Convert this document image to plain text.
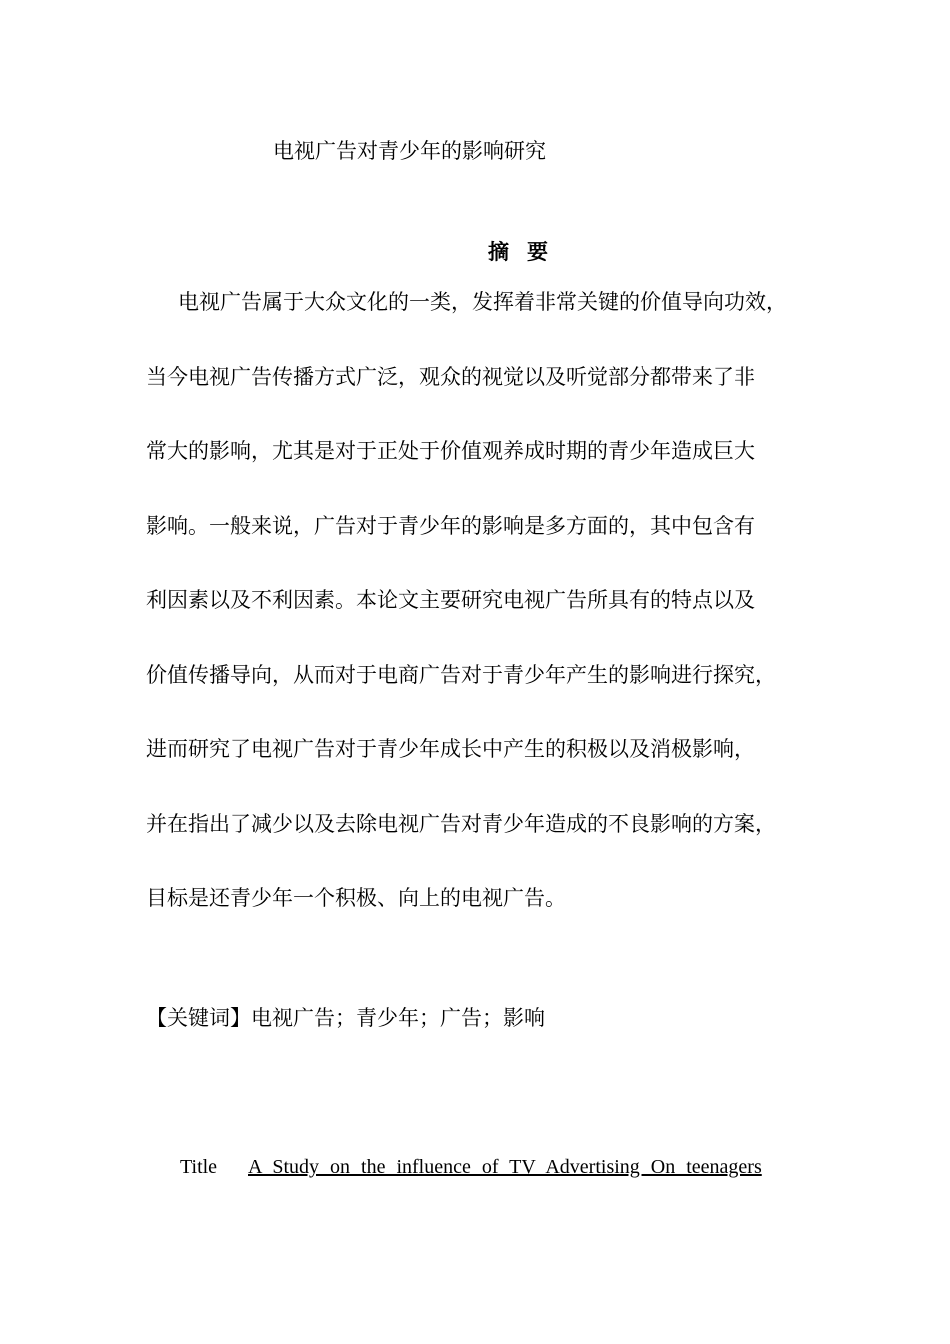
电视广告对青少年的影响研究
摘要
电视广告属于大众文化的一类，发挥着非常关键的价值导向功效，
当今电视广告传播方式广泛，观众的视觉以及听觉部分都带来了非
常大的影响，尤其是对于正处于价值观养成时期的青少年造成巨大
影响。一般来说，广告对于青少年的影响是多方面的，其中包含有
利因素以及不利因素。本论文主要研究电视广告所具有的特点以及
价值传播导向，从而对于电商广告对于青少年产生的影响进行探究，
进而研究了电视广告对于青少年成长中产生的积极以及消极影响，
并在指出了减少以及去除电视广告对青少年造成的不良影响的方案，
目标是还青少年一个积极、向上的电视广告。
【关键词】电视广告；青少年；广告；影响
Title A Study on the influence of TV Advertising On teenagers
